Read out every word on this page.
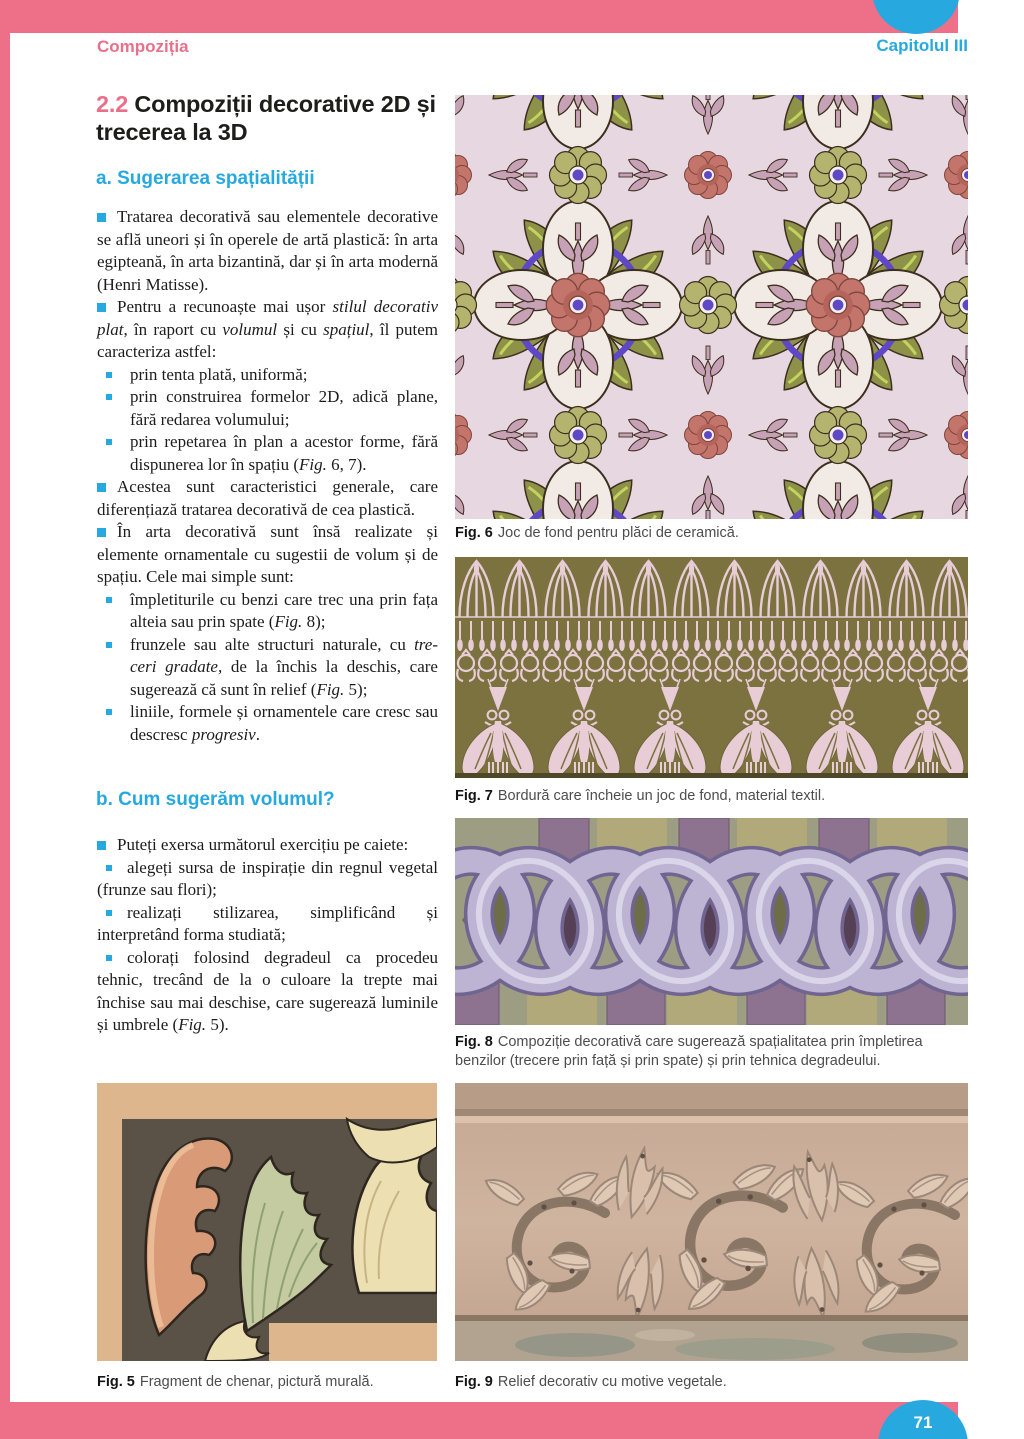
Compoziția	Capitolul III
2.2 Compoziții decorative 2D și trecerea la 3D
a. Sugerarea spațialității
Tratarea decorativă sau elementele decorative se află uneori și în operele de artă plastică: în arta egipteană, în arta bizantină, dar și în arta modernă (Henri Matisse).
Pentru a recunoaște mai ușor stilul decorativ plat, în raport cu volumul și cu spațiul, îl putem caracteriza astfel:
prin tenta plată, uniformă;
prin construirea formelor 2D, adică plane, fără redarea volumului;
prin repetarea în plan a acestor forme, fără dispunerea lor în spațiu (Fig. 6, 7).
Acestea sunt caracteristici generale, care diferențiază tratarea decorativă de cea plastică.
În arta decorativă sunt însă realizate și elemente ornamentale cu sugestii de volum și de spațiu. Cele mai simple sunt:
împletiturile cu benzi care trec una prin fața alteia sau prin spate (Fig. 8);
frunzele sau alte structuri naturale, cu tre-ceri gradate, de la închis la deschis, care sugerează că sunt în relief (Fig. 5);
liniile, formele și ornamentele care cresc sau descresc progresiv.
b. Cum sugerăm volumul?
Puteți exersa următorul exercițiu pe caiete:
alegeți sursa de inspirație din regnul vegetal (frunze sau flori);
realizați stilizarea, simplificând și interpretând forma studiată;
colorați folosind degradeul ca procedeu tehnic, trecând de la o culoare la trepte mai închise sau mai deschise, care sugerează luminile și umbrele (Fig. 5).
Fig. 6 Joc de fond pentru plăci de ceramică.
Fig. 7 Bordură care încheie un joc de fond, material textil.
Fig. 8 Compoziție decorativă care sugerează spațialitatea prin împletirea benzilor (trecere prin față și prin spate) și prin tehnica degradeului.
Fig. 5 Fragment de chenar, pictură murală.	Fig. 9 Relief decorativ cu motive vegetale.
71
